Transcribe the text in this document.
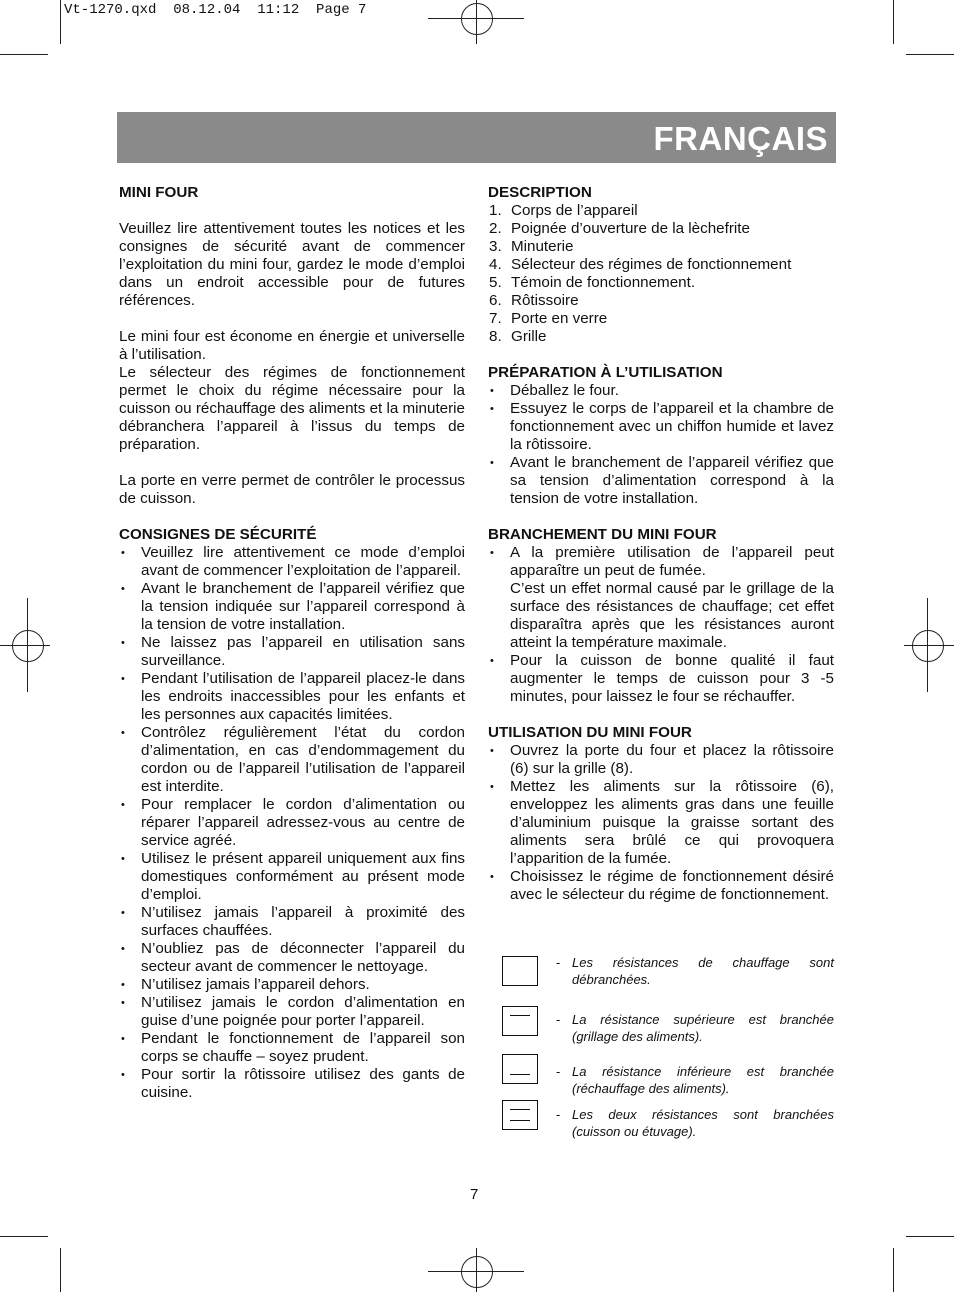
Vt-1270.qxd  08.12.04  11:12  Page 7
FRANÇAIS
MINI FOUR
Veuillez lire attentivement toutes les notices et les consignes de sécurité avant de commencer l’exploitation du mini four, gardez le mode d’emploi dans un endroit accessible pour de futures références.
Le mini four est économe en énergie et universelle à l’utilisation.
Le sélecteur des régimes de fonctionnement permet le choix du régime nécessaire pour la cuisson ou réchauffage des aliments et la minuterie débranchera l’appareil à l’issus du temps de préparation.
La porte en verre permet de contrôler le processus de cuisson.
CONSIGNES DE SÉCURITÉ
• Veuillez lire attentivement ce mode d’emploi avant de commencer l’exploitation de l’appareil.
• Avant le branchement de l’appareil vérifiez que la tension indiquée sur l’appareil correspond à la tension de votre installation.
• Ne laissez pas l’appareil en utilisation sans surveillance.
• Pendant l’utilisation de l’appareil placez-le dans les endroits inaccessibles pour les enfants et les personnes aux capacités limitées.
• Contrôlez régulièrement l’état du cordon d’alimentation, en cas d’endommagement du cordon ou de l’appareil l’utilisation de l’appareil est interdite.
• Pour remplacer le cordon d’alimentation ou réparer l’appareil adressez-vous au centre de service agréé.
• Utilisez le présent appareil uniquement aux fins domestiques conformément au présent mode d’emploi.
• N’utilisez jamais l’appareil à proximité des surfaces chauffées.
• N’oubliez pas de déconnecter l’appareil du secteur avant de commencer le nettoyage.
• N’utilisez jamais l’appareil dehors.
• N’utilisez jamais le cordon d’alimentation en guise d’une poignée pour porter l’appareil.
• Pendant le fonctionnement de l’appareil son corps se chauffe – soyez prudent.
• Pour sortir la rôtissoire utilisez des gants de cuisine.
DESCRIPTION
1. Corps de l’appareil
2. Poignée d’ouverture de la lèchefrite
3. Minuterie
4. Sélecteur des régimes de fonctionnement
5. Témoin de fonctionnement.
6. Rôtissoire
7. Porte en verre
8. Grille
PRÉPARATION À L’UTILISATION
• Déballez le four.
• Essuyez le corps de l’appareil et la chambre de fonctionnement avec un chiffon humide et lavez la rôtissoire.
• Avant le branchement de l’appareil vérifiez que sa tension d’alimentation correspond à la tension de votre installation.
BRANCHEMENT DU MINI FOUR
• A la première utilisation de l’appareil peut apparaître un peut de fumée.
C’est un effet normal causé par le grillage de la surface des résistances de chauffage; cet effet disparaîtra après que les résistances auront atteint la température maximale.
• Pour la cuisson de bonne qualité il faut augmenter le temps de cuisson pour 3 -5 minutes, pour laissez le four se réchauffer.
UTILISATION DU MINI FOUR
• Ouvrez la porte du four et placez la rôtissoire (6) sur la grille (8).
• Mettez les aliments sur la rôtissoire (6), enveloppez les aliments gras dans une feuille d’aluminium puisque la graisse sortant des aliments sera brûlé ce qui provoquera l’apparition de la fumée.
• Choisissez le régime de fonctionnement désiré avec le sélecteur du régime de fonctionnement.
- Les résistances de chauffage sont débranchées.
- La résistance supérieure est branchée (grillage des aliments).
- La résistance inférieure est branchée (réchauffage des aliments).
- Les deux résistances sont branchées (cuisson ou étuvage).
7
